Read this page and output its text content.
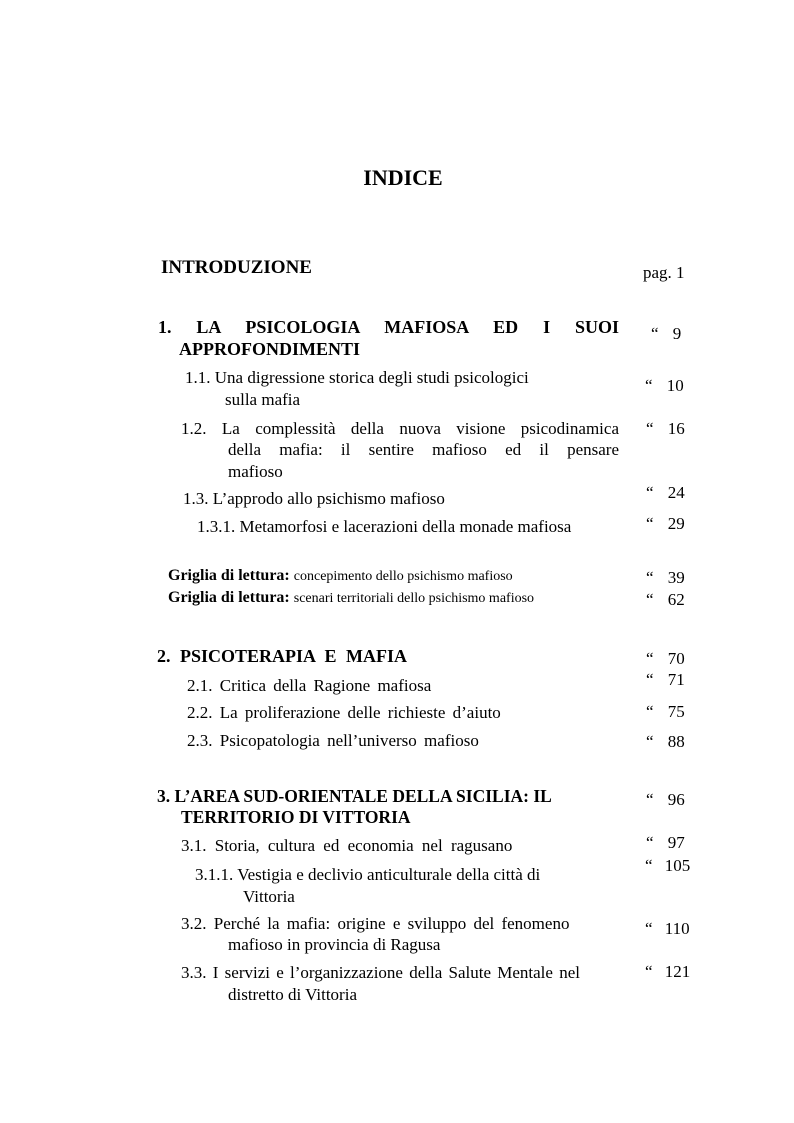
INDICE
INTRODUZIONE	pag. 1
1. LA PSICOLOGIA MAFIOSA ED I SUOI
APPROFONDIMENTI
“ 9
1.1. Una digressione storica degli studi psicologici
sulla mafia
“ 10
1.2. La complessità della nuova visione psicodinamica
della mafia: il sentire mafioso ed il pensare
mafioso
“ 16
1.3. L’approdo allo psichismo mafioso	“ 24
1.3.1. Metamorfosi e lacerazioni della monade mafiosa	“ 29
Griglia di lettura: concepimento dello psichismo mafioso	“ 39
Griglia di lettura: scenari territoriali dello psichismo mafioso	“ 62
2. PSICOTERAPIA E MAFIA	“ 70
2.1. Critica della Ragione mafiosa	“ 71
2.2. La proliferazione delle richieste d’aiuto	“ 75
2.3. Psicopatologia nell’universo mafioso	“ 88
3. L’AREA SUD-ORIENTALE DELLA SICILIA: IL
TERRITORIO DI VITTORIA
“ 96
3.1. Storia, cultura ed economia nel ragusano	“ 97
3.1.1. Vestigia e declivio anticulturale della città di
Vittoria
“ 105
3.2. Perché la mafia: origine e sviluppo del fenomeno
mafioso in provincia di Ragusa
“ 110
3.3. I servizi e l’organizzazione della Salute Mentale nel
distretto di Vittoria
“ 121
